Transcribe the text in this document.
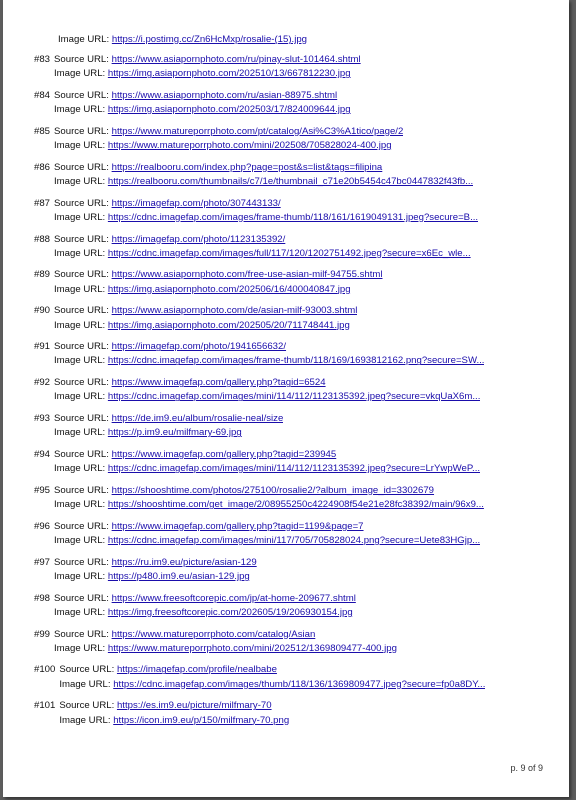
Image URL: https://i.postimg.cc/Zn6HcMxp/rosalie-(15).jpg
#83 Source URL: https://www.asiapornphoto.com/ru/pinay-slut-101464.shtml
Image URL: https://img.asiapornphoto.com/202510/13/667812230.jpg
#84 Source URL: https://www.asiapornphoto.com/ru/asian-88975.shtml
Image URL: https://img.asiapornphoto.com/202503/17/824009644.jpg
#85 Source URL: https://www.matureporrphoto.com/pt/catalog/Asi%C3%A1tico/page/2
Image URL: https://www.matureporrphoto.com/mini/202508/705828024-400.jpg
#86 Source URL: https://realbooru.com/index.php?page=post&s=list&tags=filipina
Image URL: https://realbooru.com/thumbnails/c7/1e/thumbnail_c71e20b5454c47bc0447832f43fb...
#87 Source URL: https://imagefap.com/photo/307443133/
Image URL: https://cdnc.imagefap.com/images/frame-thumb/118/161/1619049131.jpeg?secure=B...
#88 Source URL: https://imagefap.com/photo/1123135392/
Image URL: https://cdnc.imagefap.com/images/full/117/120/1202751492.jpeg?secure=x6Ec_wle...
#89 Source URL: https://www.asiapornphoto.com/free-use-asian-milf-94755.shtml
Image URL: https://img.asiapornphoto.com/202506/16/400040847.jpg
#90 Source URL: https://www.asiapornphoto.com/de/asian-milf-93003.shtml
Image URL: https://img.asiapornphoto.com/202505/20/711748441.jpg
#91 Source URL: https://imagefap.com/photo/1941656632/
Image URL: https://cdnc.imagefap.com/images/frame-thumb/118/169/1693812162.png?secure=SW...
#92 Source URL: https://www.imagefap.com/gallery.php?tagid=6524
Image URL: https://cdnc.imagefap.com/images/mini/114/112/1123135392.jpeg?secure=vkqUaX6m...
#93 Source URL: https://de.im9.eu/album/rosalie-neal/size
Image URL: https://p.im9.eu/milfmary-69.jpg
#94 Source URL: https://www.imagefap.com/gallery.php?tagid=239945
Image URL: https://cdnc.imagefap.com/images/mini/114/112/1123135392.jpeg?secure=LrYwpWeP...
#95 Source URL: https://shooshtime.com/photos/275100/rosalie2/?album_image_id=3302679
Image URL: https://shooshtime.com/get_image/2/08955250c4224908f54e21e28fc38392/main/96x9...
#96 Source URL: https://www.imagefap.com/gallery.php?tagid=1199&page=7
Image URL: https://cdnc.imagefap.com/images/mini/117/705/705828024.png?secure=Uete83HGjp...
#97 Source URL: https://ru.im9.eu/picture/asian-129
Image URL: https://p480.im9.eu/asian-129.jpg
#98 Source URL: https://www.freesoftcorepic.com/jp/at-home-209677.shtml
Image URL: https://img.freesoftcorepic.com/202605/19/206930154.jpg
#99 Source URL: https://www.matureporrphoto.com/catalog/Asian
Image URL: https://www.matureporrphoto.com/mini/202512/1369809477-400.jpg
#100 Source URL: https://imagefap.com/profile/nealbabe
Image URL: https://cdnc.imagefap.com/images/thumb/118/136/1369809477.jpeg?secure=fp0a8DY...
#101 Source URL: https://es.im9.eu/picture/milfmary-70
Image URL: https://icon.im9.eu/p/150/milfmary-70.png
p. 9 of 9
